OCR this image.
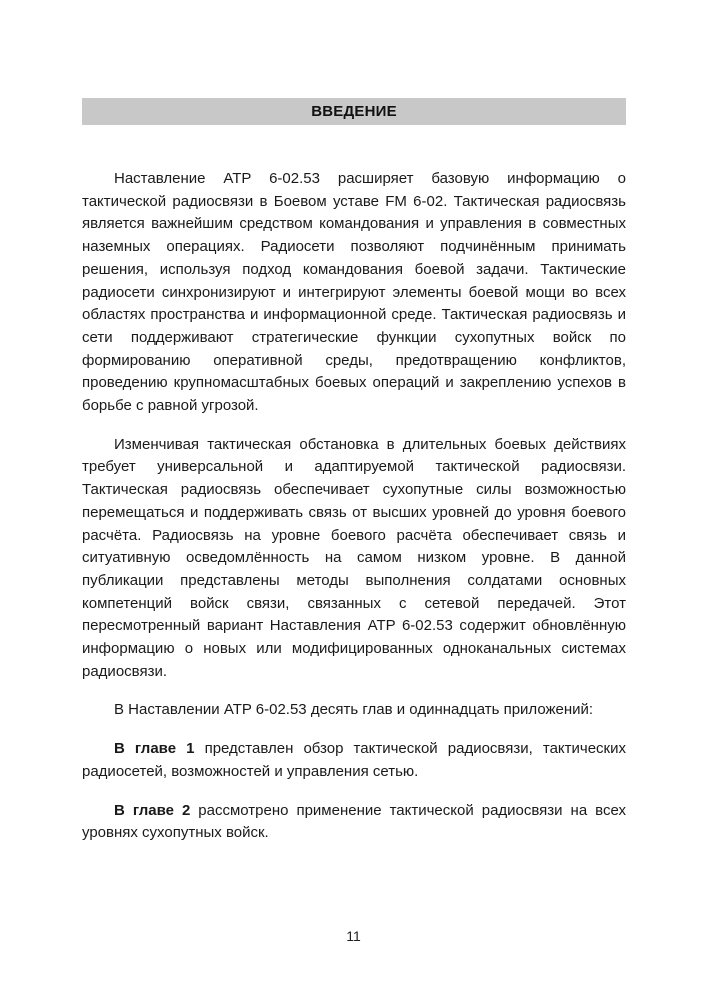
ВВЕДЕНИЕ

Наставление ATP 6-02.53 расширяет базовую информацию о тактической радиосвязи в Боевом уставе FM 6-02. Тактическая радиосвязь является важнейшим средством командования и управления в совместных наземных операциях. Радиосети позволяют подчинённым принимать решения, используя подход командования боевой задачи. Тактические радиосети синхронизируют и интегрируют элементы боевой мощи во всех областях пространства и информационной среде. Тактическая радиосвязь и сети поддерживают стратегические функции сухопутных войск по формированию оперативной среды, предотвращению конфликтов, проведению крупномасштабных боевых операций и закреплению успехов в борьбе с равной угрозой.

Изменчивая тактическая обстановка в длительных боевых действиях требует универсальной и адаптируемой тактической радиосвязи. Тактическая радиосвязь обеспечивает сухопутные силы возможностью перемещаться и поддерживать связь от высших уровней до уровня боевого расчёта. Радиосвязь на уровне боевого расчёта обеспечивает связь и ситуативную осведомлённость на самом низком уровне. В данной публикации представлены методы выполнения солдатами основных компетенций войск связи, связанных с сетевой передачей. Этот пересмотренный вариант Наставления ATP 6-02.53 содержит обновлённую информацию о новых или модифицированных одноканальных системах радиосвязи.

В Наставлении ATP 6-02.53 десять глав и одиннадцать приложений:

В главе 1 представлен обзор тактической радиосвязи, тактических радиосетей, возможностей и управления сетью.

В главе 2 рассмотрено применение тактической радиосвязи на всех уровнях сухопутных войск.

11
